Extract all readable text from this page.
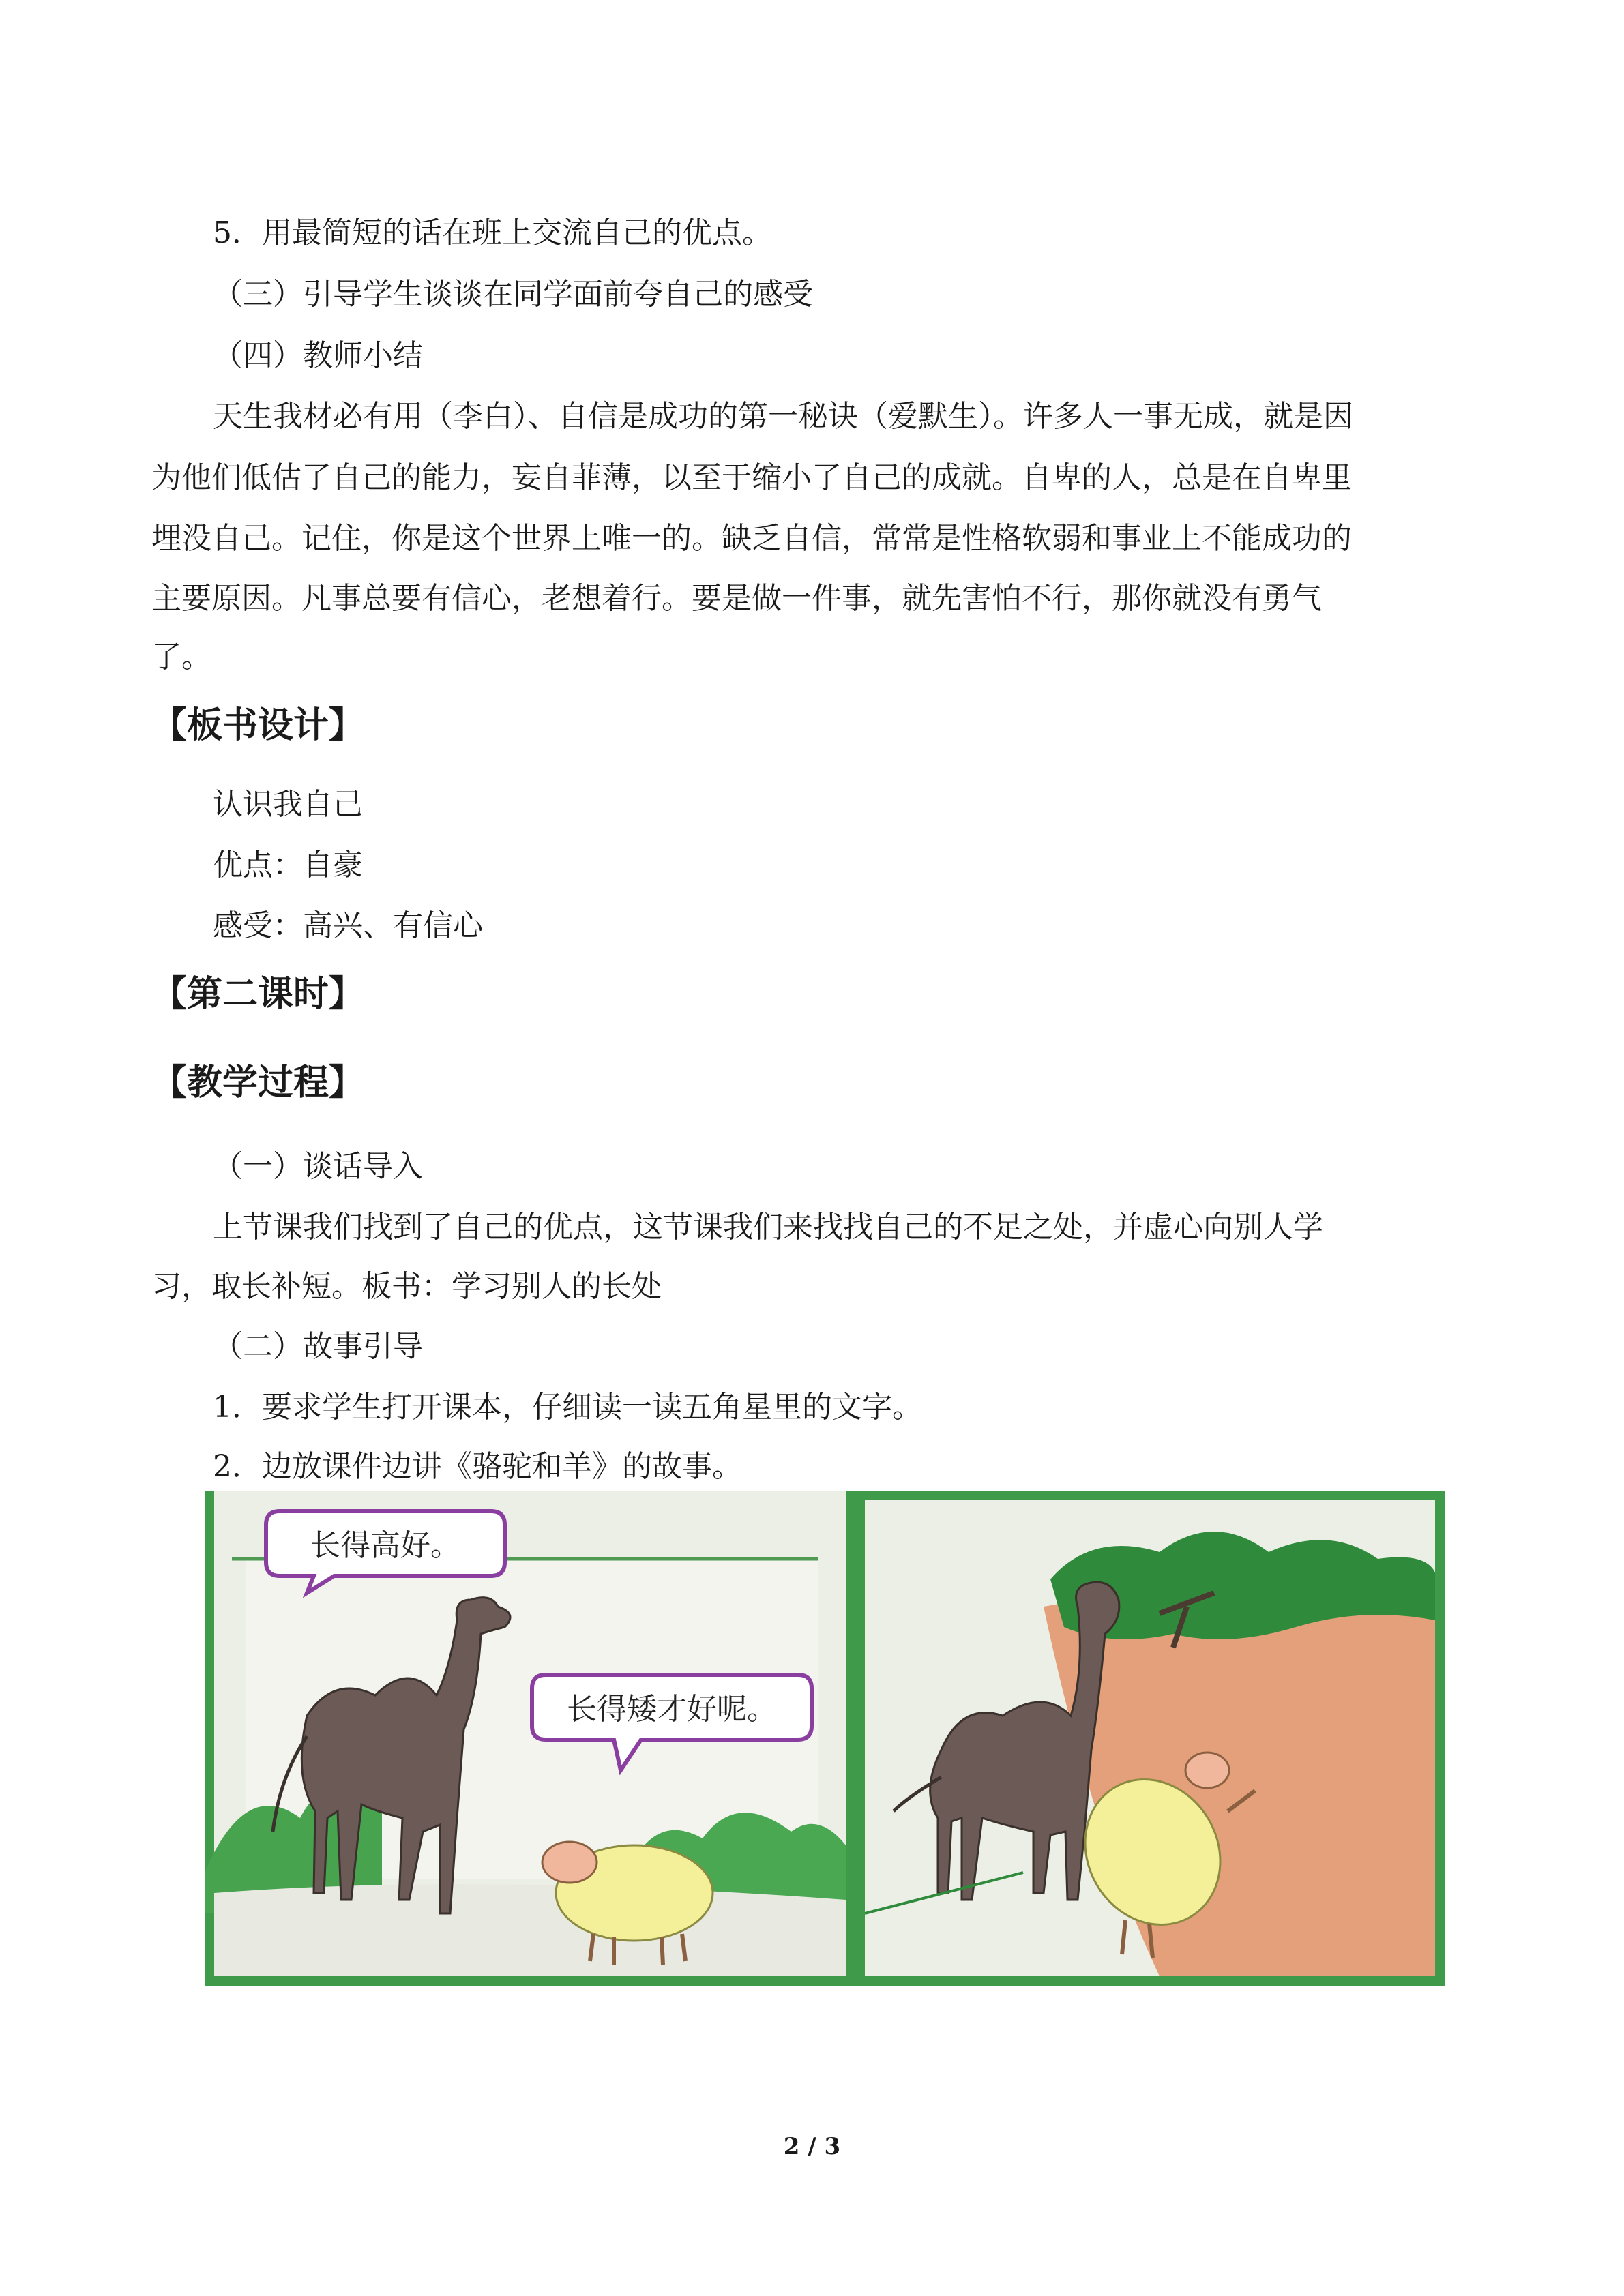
5．用最简短的话在班上交流自己的优点。
（三）引导学生谈谈在同学面前夸自己的感受
（四）教师小结
天生我材必有用（李白）、自信是成功的第一秘诀（爱默生）。许多人一事无成，就是因
为他们低估了自己的能力，妄自菲薄，以至于缩小了自己的成就。自卑的人，总是在自卑里
埋没自己。记住，你是这个世界上唯一的。缺乏自信，常常是性格软弱和事业上不能成功的
主要原因。凡事总要有信心，老想着行。要是做一件事，就先害怕不行，那你就没有勇气
了。
【板书设计】
认识我自己
优点：自豪
感受：高兴、有信心
【第二课时】
【教学过程】
（一）谈话导入
上节课我们找到了自己的优点，这节课我们来找找自己的不足之处，并虚心向别人学
习，取长补短。板书：学习别人的长处
（二）故事引导
1．要求学生打开课本，仔细读一读五角星里的文字。
2．边放课件边讲《骆驼和羊》的故事。
长得高好。
长得矮才好呢。
2 / 3
